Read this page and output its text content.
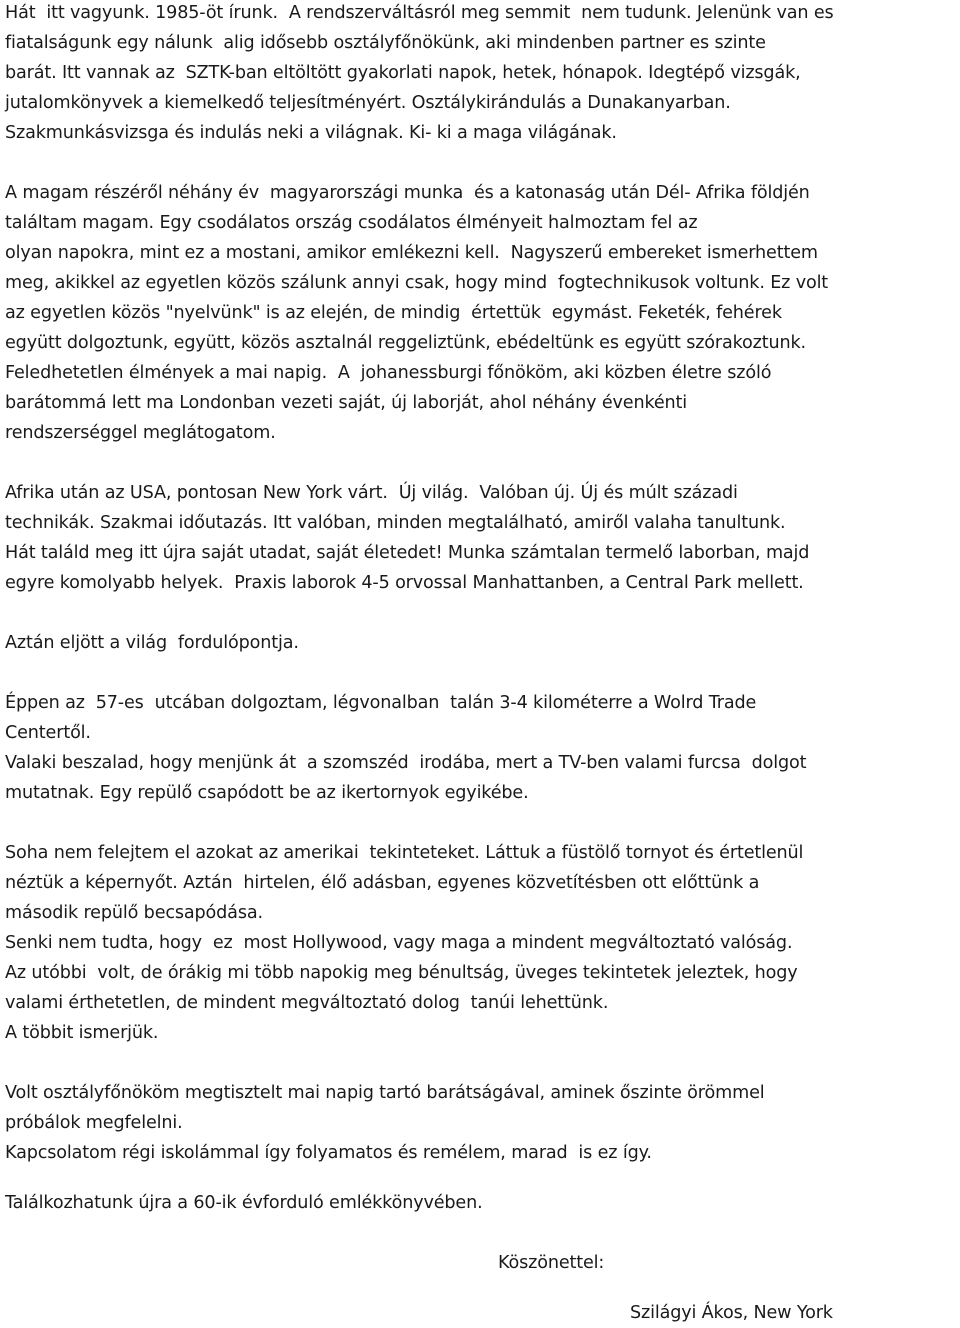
Hát  itt vagyunk. 1985-öt írunk.  A rendszerváltásról meg semmit  nem tudunk. Jelenünk van es
fiatalságunk egy nálunk  alig idősebb osztályfőnökünk, aki mindenben partner es szinte
barát. Itt vannak az  SZTK-ban eltöltött gyakorlati napok, hetek, hónapok. Idegtépő vizsgák,
jutalomkönyvek a kiemelkedő teljesítményért. Osztálykirándulás a Dunakanyarban.
Szakmunkásvizsga és indulás neki a világnak. Ki- ki a maga világának.
A magam részéről néhány év  magyarországi munka  és a katonaság után Dél- Afrika földjén
találtam magam. Egy csodálatos ország csodálatos élményeit halmoztam fel az
olyan napokra, mint ez a mostani, amikor emlékezni kell.  Nagyszerű embereket ismerhettem
meg, akikkel az egyetlen közös szálunk annyi csak, hogy mind  fogtechnikusok voltunk. Ez volt
az egyetlen közös "nyelvünk" is az elején, de mindig  értettük  egymást. Feketék, fehérek
együtt dolgoztunk, együtt, közös asztalnál reggeliztünk, ebédeltünk es együtt szórakoztunk.
Feledhetetlen élmények a mai napig.  A  johanessburgi főnököm, aki közben életre szóló
barátommá lett ma Londonban vezeti saját, új laborját, ahol néhány évenkénti
rendszerséggel meglátogatom.
Afrika után az USA, pontosan New York várt.  Új világ.  Valóban új. Új és múlt századi
technikák. Szakmai időutazás. Itt valóban, minden megtalálható, amiről valaha tanultunk.
Hát találd meg itt újra saját utadat, saját életedet! Munka számtalan termelő laborban, majd
egyre komolyabb helyek.  Praxis laborok 4-5 orvossal Manhattanben, a Central Park mellett.
Aztán eljött a világ  fordulópontja.
Éppen az  57-es  utcában dolgoztam, légvonalban  talán 3-4 kilométerre a Wolrd Trade
Centertől.
Valaki beszalad, hogy menjünk át  a szomszéd  irodába, mert a TV-ben valami furcsa  dolgot
mutatnak. Egy repülő csapódott be az ikertornyok egyikébe.
Soha nem felejtem el azokat az amerikai  tekinteteket. Láttuk a füstölő tornyot és értetlenül
néztük a képernyőt. Aztán  hirtelen, élő adásban, egyenes közvetítésben ott előttünk a
második repülő becsapódása.
Senki nem tudta, hogy  ez  most Hollywood, vagy maga a mindent megváltoztató valóság.
Az utóbbi  volt, de órákig mi több napokig meg bénultság, üveges tekintetek jeleztek, hogy
valami érthetetlen, de mindent megváltoztató dolog  tanúi lehettünk.
A többit ismerjük.
Volt osztályfőnököm megtisztelt mai napig tartó barátságával, aminek őszinte örömmel
próbálok megfelelni.
Kapcsolatom régi iskolámmal így folyamatos és remélem, marad  is ez így.
Találkozhatunk újra a 60-ik évforduló emlékkönyvében.
Köszönettel:
Szilágyi Ákos, New York
